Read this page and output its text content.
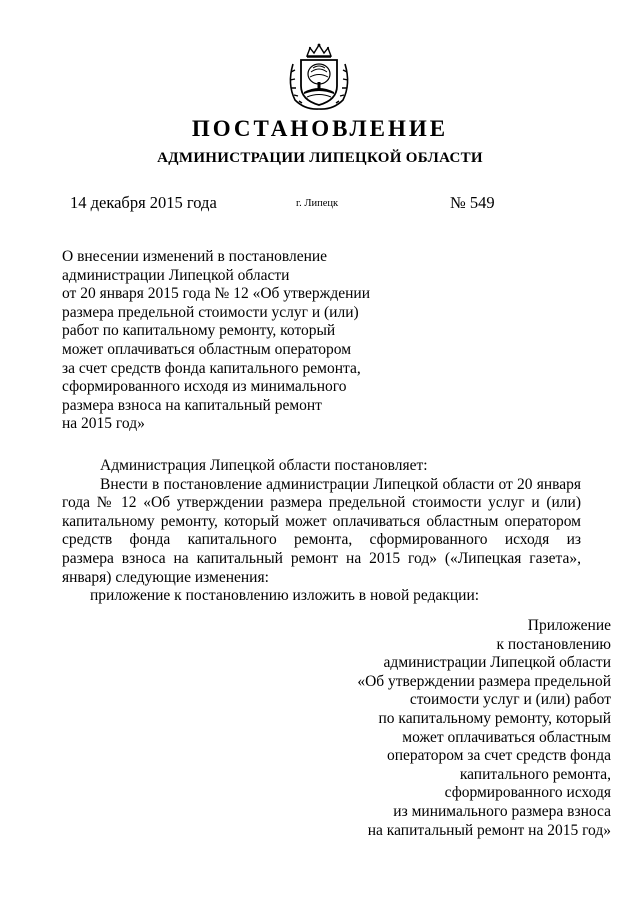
ПОСТАНОВЛЕНИЕ
АДМИНИСТРАЦИИ ЛИПЕЦКОЙ ОБЛАСТИ
14 декабря 2015 года	г. Липецк	№ 549
О внесении изменений в постановление
администрации Липецкой области
от 20 января 2015 года № 12 «Об утверждении
размера предельной стоимости услуг и (или)
работ по капитальному ремонту, который
может оплачиваться областным оператором
за счет средств фонда капитального ремонта,
сформированного исходя из минимального
размера взноса на капитальный ремонт
на 2015 год»
Администрация Липецкой области постановляет:
Внести в постановление администрации Липецкой области от 20 января
года № 12 «Об утверждении размера предельной стоимости услуг и (или)
капитальному ремонту, который может оплачиваться областным оператором
средств фонда капитального ремонта, сформированного исходя из
размера взноса на капитальный ремонт на 2015 год» («Липецкая газета»,
января) следующие изменения:
приложение к постановлению изложить в новой редакции:
Приложение
к постановлению
администрации Липецкой области
«Об утверждении размера предельной
стоимости услуг и (или) работ
по капитальному ремонту, который
может оплачиваться областным
оператором за счет средств фонда
капитального ремонта,
сформированного исходя
из минимального размера взноса
на капитальный ремонт на 2015 год»
